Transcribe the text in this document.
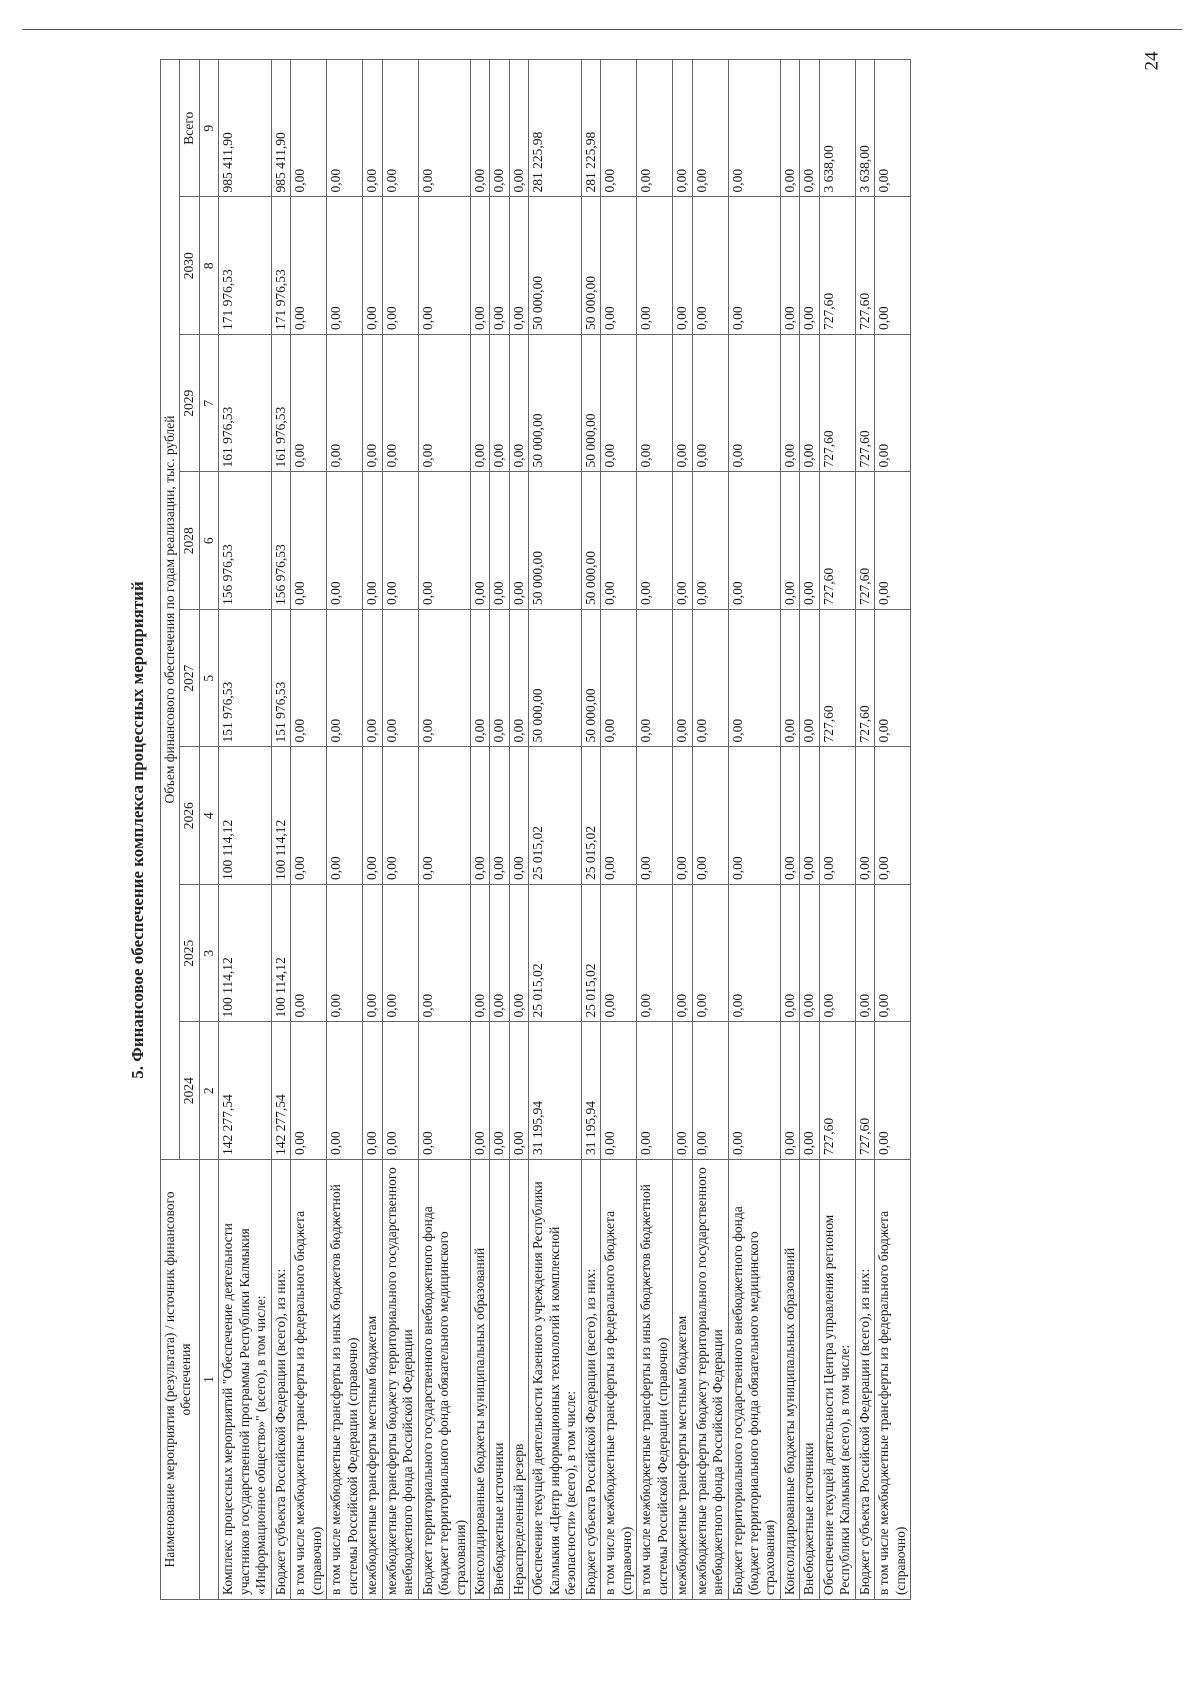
24
5. Финансовое обеспечение комплекса процессных мероприятий
Наименование мероприятия (результата) / источник финансового обеспечения	Объем финансового обеспечения по годам реализации, тыс. рублей							
	2024	2025	2026	2027	2028	2029	2030	Всего
1	2	3	4	5	6	7	8	9
Комплекс процессных мероприятий "Обеспечение деятельности участников государственной программы Республики Калмыкия «Информационное общество»" (всего), в том числе:	142 277,54	100 114,12	100 114,12	151 976,53	156 976,53	161 976,53	171 976,53	985 411,90
Бюджет субъекта Российской Федерации (всего), из них:	142 277,54	100 114,12	100 114,12	151 976,53	156 976,53	161 976,53	171 976,53	985 411,90
в том числе межбюджетные трансферты из федерального бюджета (справочно)	0,00	0,00	0,00	0,00	0,00	0,00	0,00	0,00
в том числе межбюджетные трансферты из иных бюджетов бюджетной системы Российской Федерации (справочно)	0,00	0,00	0,00	0,00	0,00	0,00	0,00	0,00
межбюджетные трансферты местным бюджетам	0,00	0,00	0,00	0,00	0,00	0,00	0,00	0,00
межбюджетные трансферты бюджету территориального государственного внебюджетного фонда Российской Федерации	0,00	0,00	0,00	0,00	0,00	0,00	0,00	0,00
Бюджет территориального государственного внебюджетного фонда (бюджет территориального фонда обязательного медицинского страхования)	0,00	0,00	0,00	0,00	0,00	0,00	0,00	0,00
Консолидированные бюджеты муниципальных образований	0,00	0,00	0,00	0,00	0,00	0,00	0,00	0,00
Внебюджетные источники	0,00	0,00	0,00	0,00	0,00	0,00	0,00	0,00
Нераспределенный резерв	0,00	0,00	0,00	0,00	0,00	0,00	0,00	0,00
Обеспечение текущей деятельности Казенного учреждения Республики Калмыкия «Центр информационных технологий и комплексной безопасности» (всего), в том числе:	31 195,94	25 015,02	25 015,02	50 000,00	50 000,00	50 000,00	50 000,00	281 225,98
Бюджет субъекта Российской Федерации (всего), из них:	31 195,94	25 015,02	25 015,02	50 000,00	50 000,00	50 000,00	50 000,00	281 225,98
в том числе межбюджетные трансферты из федерального бюджета (справочно)	0,00	0,00	0,00	0,00	0,00	0,00	0,00	0,00
в том числе межбюджетные трансферты из иных бюджетов бюджетной системы Российской Федерации (справочно)	0,00	0,00	0,00	0,00	0,00	0,00	0,00	0,00
межбюджетные трансферты местным бюджетам	0,00	0,00	0,00	0,00	0,00	0,00	0,00	0,00
межбюджетные трансферты бюджету территориального государственного внебюджетного фонда Российской Федерации	0,00	0,00	0,00	0,00	0,00	0,00	0,00	0,00
Бюджет территориального государственного внебюджетного фонда (бюджет территориального фонда обязательного медицинского страхования)	0,00	0,00	0,00	0,00	0,00	0,00	0,00	0,00
Консолидированные бюджеты муниципальных образований	0,00	0,00	0,00	0,00	0,00	0,00	0,00	0,00
Внебюджетные источники	0,00	0,00	0,00	0,00	0,00	0,00	0,00	0,00
Обеспечение текущей деятельности Центра управления регионом Республики Калмыкия (всего), в том числе:	727,60	0,00	0,00	727,60	727,60	727,60	727,60	3 638,00
Бюджет субъекта Российской Федерации (всего), из них:	727,60	0,00	0,00	727,60	727,60	727,60	727,60	3 638,00
в том числе межбюджетные трансферты из федерального бюджета (справочно)	0,00	0,00	0,00	0,00	0,00	0,00	0,00	0,00
